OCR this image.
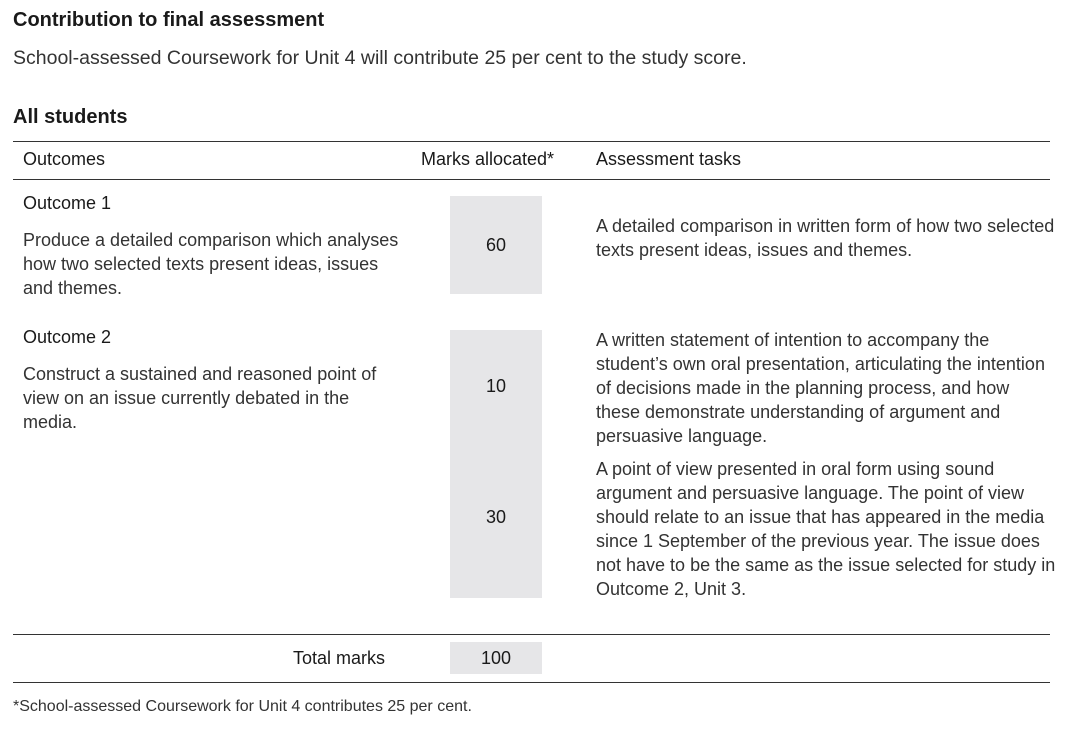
Contribution to final assessment
School-assessed Coursework for Unit 4 will contribute 25 per cent to the study score.
All students
Outcomes	Marks allocated* Assessment tasks
Outcome 1
Produce a detailed comparison which analyses how two selected texts present ideas, issues and themes.
60
A detailed comparison in written form of how two selected texts present ideas, issues and themes.
Outcome 2
Construct a sustained and reasoned point of view on an issue currently debated in the media.
10
A written statement of intention to accompany the student’s own oral presentation, articulating the intention of decisions made in the planning process, and how these demonstrate understanding of argument and persuasive language.
30
A point of view presented in oral form using sound argument and persuasive language. The point of view should relate to an issue that has appeared in the media since 1 September of the previous year. The issue does not have to be the same as the issue selected for study in Outcome 2, Unit 3.
Total marks	100
*School-assessed Coursework for Unit 4 contributes 25 per cent.
